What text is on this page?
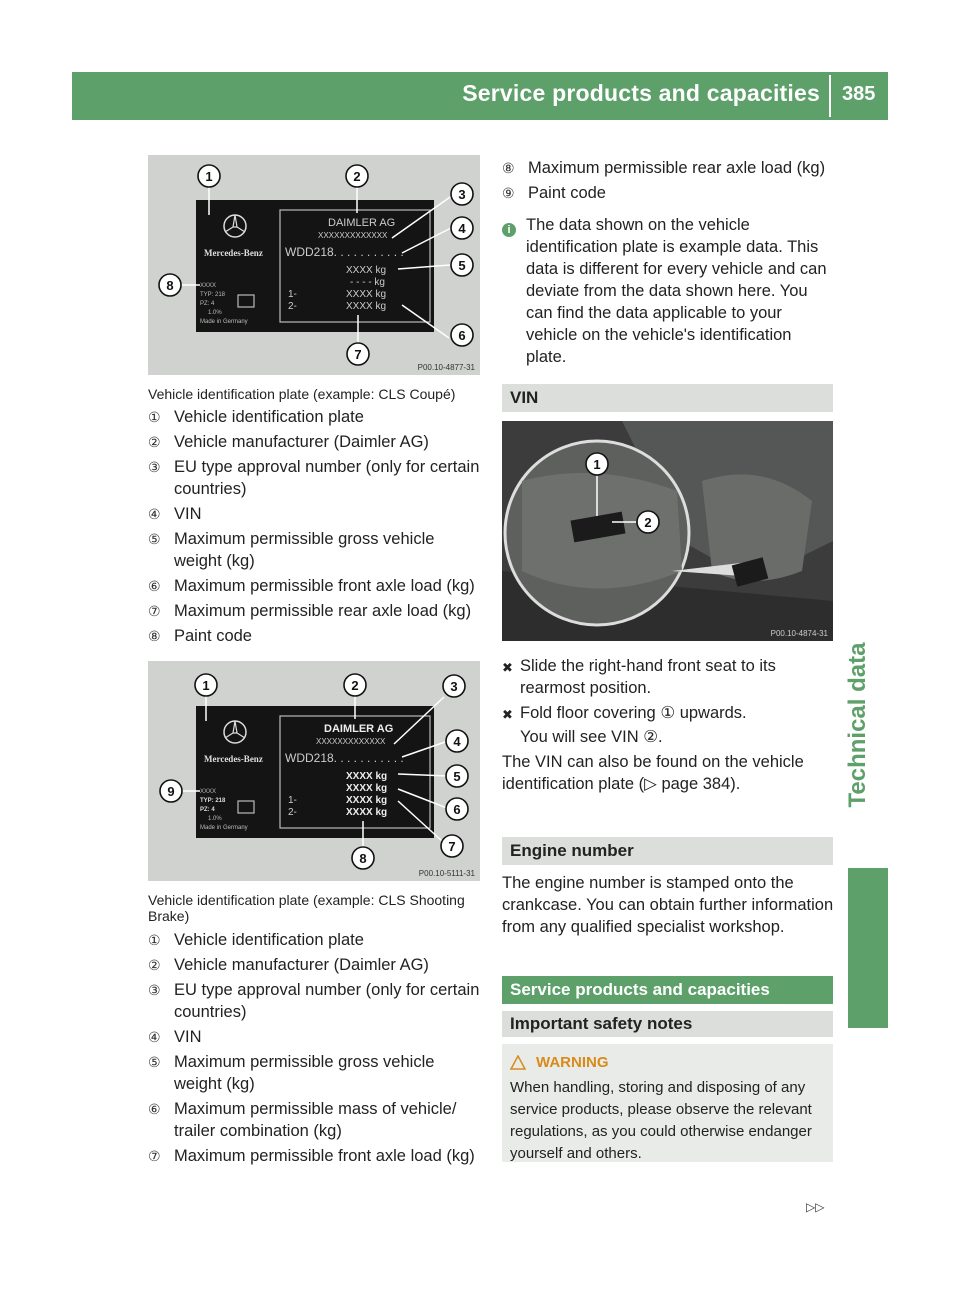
Service products and capacities 385
Technical data
Mercedes-Benz
DAIMLER AG
XXXXXXXXXXXXX
WDD218. . . . . . . . . . .
XXXX kg
- - - - kg
XXXX kg
XXXX kg
1-
2-
XXXX
TYP: 218
PZ: 4
1.0%
Made in Germany
1	2
3
4
5
6
7
8
P00.10-4877-31
Vehicle identification plate (example: CLS Coupé)
① Vehicle identification plate
② Vehicle manufacturer (Daimler AG)
③ EU type approval number (only for certain countries)
④ VIN
⑤ Maximum permissible gross vehicle weight (kg)
⑥ Maximum permissible front axle load (kg)
⑦ Maximum permissible rear axle load (kg)
⑧ Paint code
Mercedes-Benz
DAIMLER AG
XXXXXXXXXXXXX
WDD218. . . . . . . . . . .
XXXX kg
XXXX kg
XXXX kg
XXXX kg
1-
2-
XXXX
TYP: 218
PZ: 4
1.0%
Made in Germany
1	2	3
4
5
6
7
8
9
P00.10-5111-31
Vehicle identification plate (example: CLS Shooting Brake)
① Vehicle identification plate
② Vehicle manufacturer (Daimler AG)
③ EU type approval number (only for certain countries)
④ VIN
⑤ Maximum permissible gross vehicle weight (kg)
⑥ Maximum permissible mass of vehicle/ trailer combination (kg)
⑦ Maximum permissible front axle load (kg)
⑧ Maximum permissible rear axle load (kg)
⑨ Paint code
i The data shown on the vehicle identification plate is example data. This data is different for every vehicle and can deviate from the data shown here. You can find the data applicable to your vehicle on the vehicle's identification plate.
VIN
1
2
P00.10-4874-31
✖ Slide the right-hand front seat to its rearmost position.
✖ Fold floor covering ① upwards.
You will see VIN ②.
The VIN can also be found on the vehicle identification plate (▷ page 384).
Engine number
The engine number is stamped onto the crankcase. You can obtain further information from any qualified specialist workshop.
Service products and capacities
Important safety notes
WARNING
When handling, storing and disposing of any service products, please observe the relevant regulations, as you could otherwise endanger yourself and others.
▷▷
